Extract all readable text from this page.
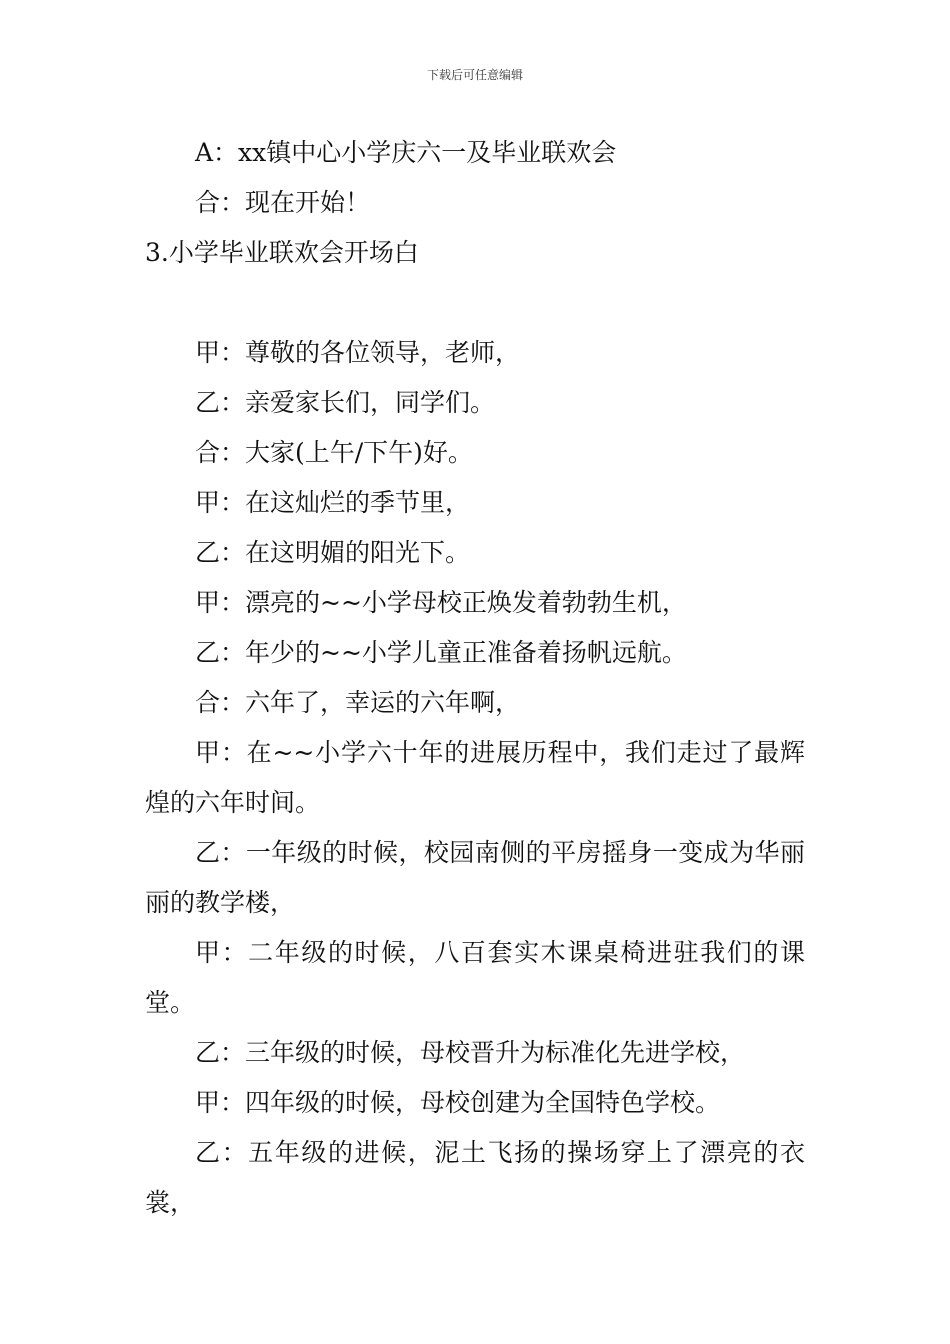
下载后可任意编辑

A：xx镇中心小学庆六一及毕业联欢会

合：现在开始！

3.小学毕业联欢会开场白

甲：尊敬的各位领导，老师，

乙：亲爱家长们，同学们。

合：大家(上午/下午)好。

甲：在这灿烂的季节里，

乙：在这明媚的阳光下。

甲：漂亮的~~小学母校正焕发着勃勃生机，

乙：年少的~~小学儿童正准备着扬帆远航。

合：六年了，幸运的六年啊，

甲：在~~小学六十年的进展历程中，我们走过了最辉煌的六年时间。

乙：一年级的时候，校园南侧的平房摇身一变成为华丽丽的教学楼，

甲：二年级的时候，八百套实木课桌椅进驻我们的课堂。

乙：三年级的时候，母校晋升为标准化先进学校，

甲：四年级的时候，母校创建为全国特色学校。

乙：五年级的进候，泥土飞扬的操场穿上了漂亮的衣裳，
